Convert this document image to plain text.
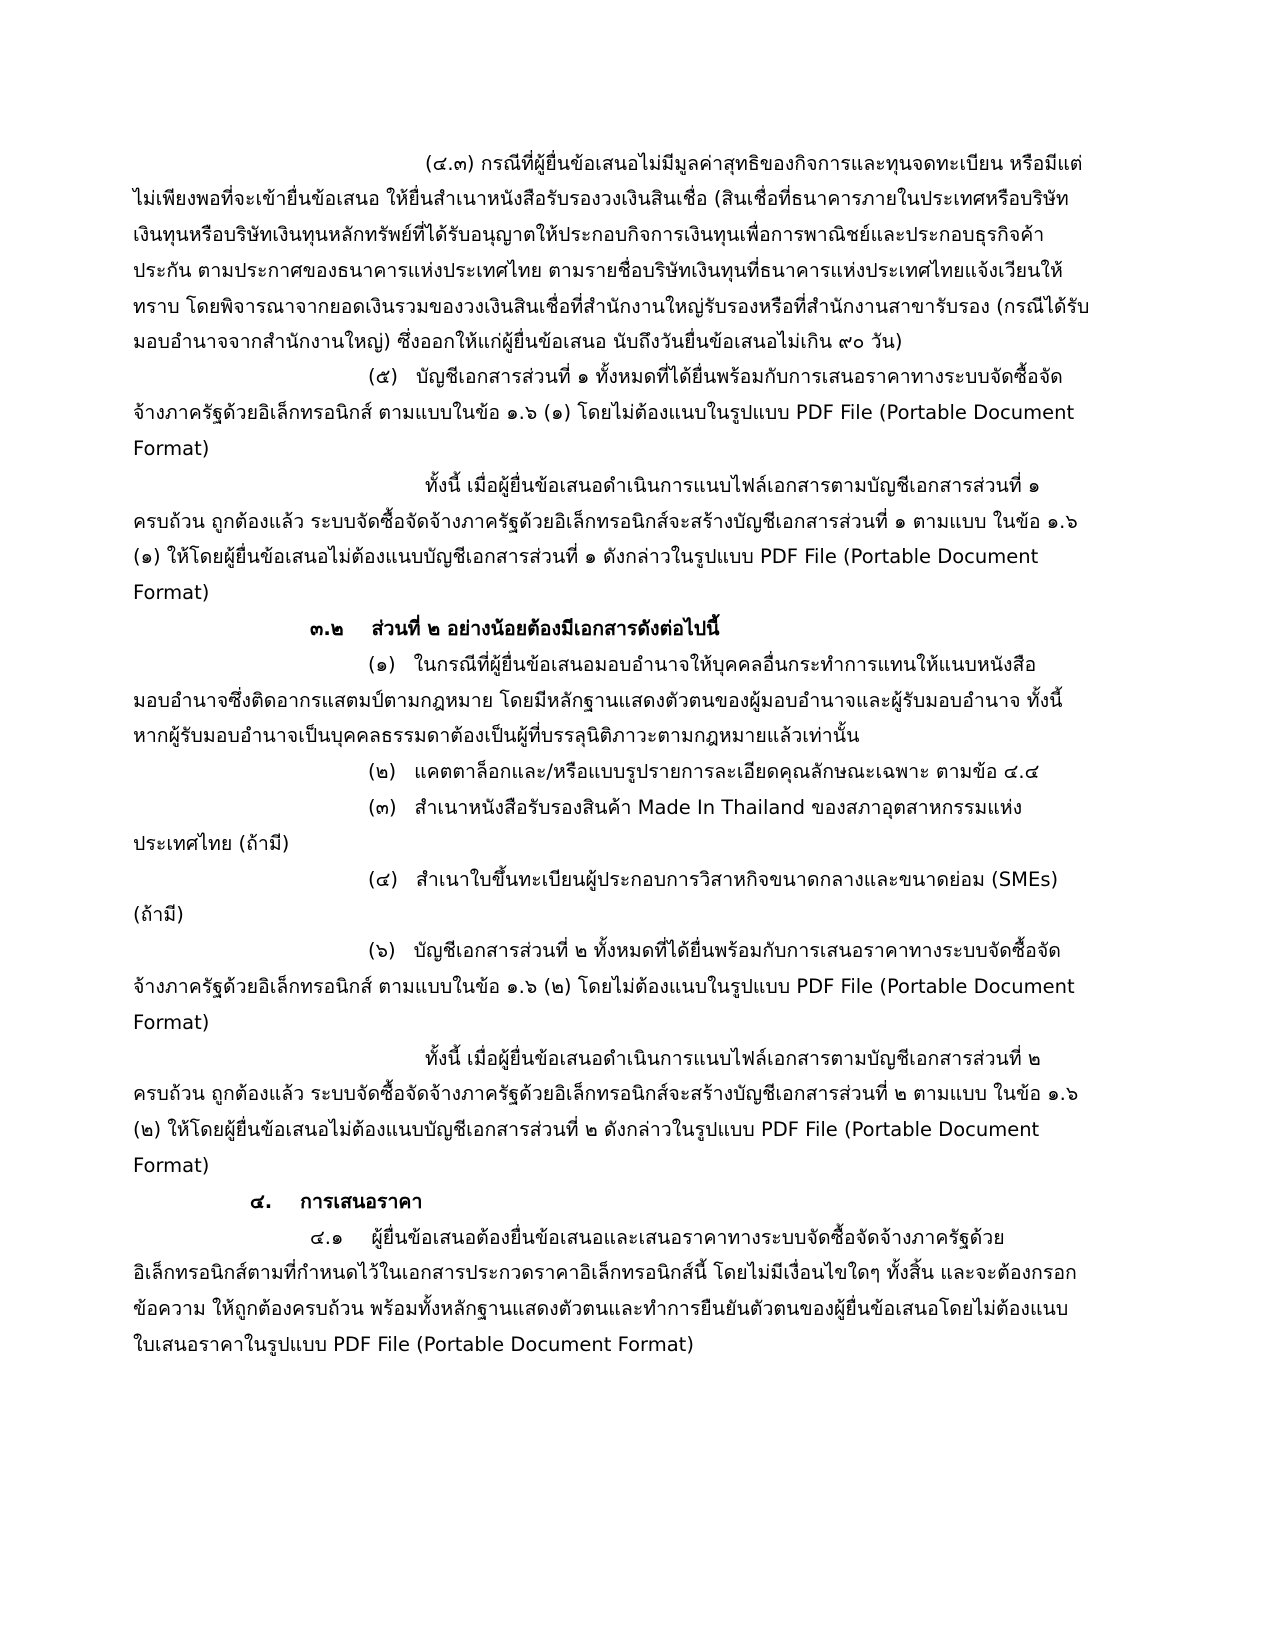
(๔.๓) กรณีที่ผู้ยื่นข้อเสนอไม่มีมูลค่าสุทธิของกิจการและทุนจดทะเบียน หรือมีแต่
ไม่เพียงพอที่จะเข้ายื่นข้อเสนอ ให้ยื่นสำเนาหนังสือรับรองวงเงินสินเชื่อ (สินเชื่อที่ธนาคารภายในประเทศหรือบริษัท
เงินทุนหรือบริษัทเงินทุนหลักทรัพย์ที่ได้รับอนุญาตให้ประกอบกิจการเงินทุนเพื่อการพาณิชย์และประกอบธุรกิจค้า
ประกัน ตามประกาศของธนาคารแห่งประเทศไทย ตามรายชื่อบริษัทเงินทุนที่ธนาคารแห่งประเทศไทยแจ้งเวียนให้
ทราบ โดยพิจารณาจากยอดเงินรวมของวงเงินสินเชื่อที่สำนักงานใหญ่รับรองหรือที่สำนักงานสาขารับรอง (กรณีได้รับ
มอบอำนาจจากสำนักงานใหญ่) ซึ่งออกให้แก่ผู้ยื่นข้อเสนอ นับถึงวันยื่นข้อเสนอไม่เกิน ๙๐ วัน)
(๕) บัญชีเอกสารส่วนที่ ๑ ทั้งหมดที่ได้ยื่นพร้อมกับการเสนอราคาทางระบบจัดซื้อจัด
จ้างภาครัฐด้วยอิเล็กทรอนิกส์ ตามแบบในข้อ ๑.๖ (๑) โดยไม่ต้องแนบในรูปแบบ PDF File (Portable Document
Format)
ทั้งนี้ เมื่อผู้ยื่นข้อเสนอดำเนินการแนบไฟล์เอกสารตามบัญชีเอกสารส่วนที่ ๑
ครบถ้วน ถูกต้องแล้ว ระบบจัดซื้อจัดจ้างภาครัฐด้วยอิเล็กทรอนิกส์จะสร้างบัญชีเอกสารส่วนที่ ๑ ตามแบบ ในข้อ ๑.๖
(๑) ให้โดยผู้ยื่นข้อเสนอไม่ต้องแนบบัญชีเอกสารส่วนที่ ๑ ดังกล่าวในรูปแบบ PDF File (Portable Document
Format)
๓.๒ ส่วนที่ ๒ อย่างน้อยต้องมีเอกสารดังต่อไปนี้
(๑) ในกรณีที่ผู้ยื่นข้อเสนอมอบอำนาจให้บุคคลอื่นกระทำการแทนให้แนบหนังสือ
มอบอำนาจซึ่งติดอากรแสตมป์ตามกฎหมาย โดยมีหลักฐานแสดงตัวตนของผู้มอบอำนาจและผู้รับมอบอำนาจ ทั้งนี้
หากผู้รับมอบอำนาจเป็นบุคคลธรรมดาต้องเป็นผู้ที่บรรลุนิติภาวะตามกฎหมายแล้วเท่านั้น
(๒) แคตตาล็อกและ/หรือแบบรูปรายการละเอียดคุณลักษณะเฉพาะ ตามข้อ ๔.๔
(๓) สำเนาหนังสือรับรองสินค้า Made In Thailand ของสภาอุตสาหกรรมแห่ง
ประเทศไทย (ถ้ามี)
(๔) สำเนาใบขึ้นทะเบียนผู้ประกอบการวิสาหกิจขนาดกลางและขนาดย่อม (SMEs)
(ถ้ามี)
(๖) บัญชีเอกสารส่วนที่ ๒ ทั้งหมดที่ได้ยื่นพร้อมกับการเสนอราคาทางระบบจัดซื้อจัด
จ้างภาครัฐด้วยอิเล็กทรอนิกส์ ตามแบบในข้อ ๑.๖ (๒) โดยไม่ต้องแนบในรูปแบบ PDF File (Portable Document
Format)
ทั้งนี้ เมื่อผู้ยื่นข้อเสนอดำเนินการแนบไฟล์เอกสารตามบัญชีเอกสารส่วนที่ ๒
ครบถ้วน ถูกต้องแล้ว ระบบจัดซื้อจัดจ้างภาครัฐด้วยอิเล็กทรอนิกส์จะสร้างบัญชีเอกสารส่วนที่ ๒ ตามแบบ ในข้อ ๑.๖
(๒) ให้โดยผู้ยื่นข้อเสนอไม่ต้องแนบบัญชีเอกสารส่วนที่ ๒ ดังกล่าวในรูปแบบ PDF File (Portable Document
Format)
๔. การเสนอราคา
๔.๑ ผู้ยื่นข้อเสนอต้องยื่นข้อเสนอและเสนอราคาทางระบบจัดซื้อจัดจ้างภาครัฐด้วย
อิเล็กทรอนิกส์ตามที่กำหนดไว้ในเอกสารประกวดราคาอิเล็กทรอนิกส์นี้ โดยไม่มีเงื่อนไขใดๆ ทั้งสิ้น และจะต้องกรอก
ข้อความ ให้ถูกต้องครบถ้วน พร้อมทั้งหลักฐานแสดงตัวตนและทำการยืนยันตัวตนของผู้ยื่นข้อเสนอโดยไม่ต้องแนบ
ใบเสนอราคาในรูปแบบ PDF File (Portable Document Format)
